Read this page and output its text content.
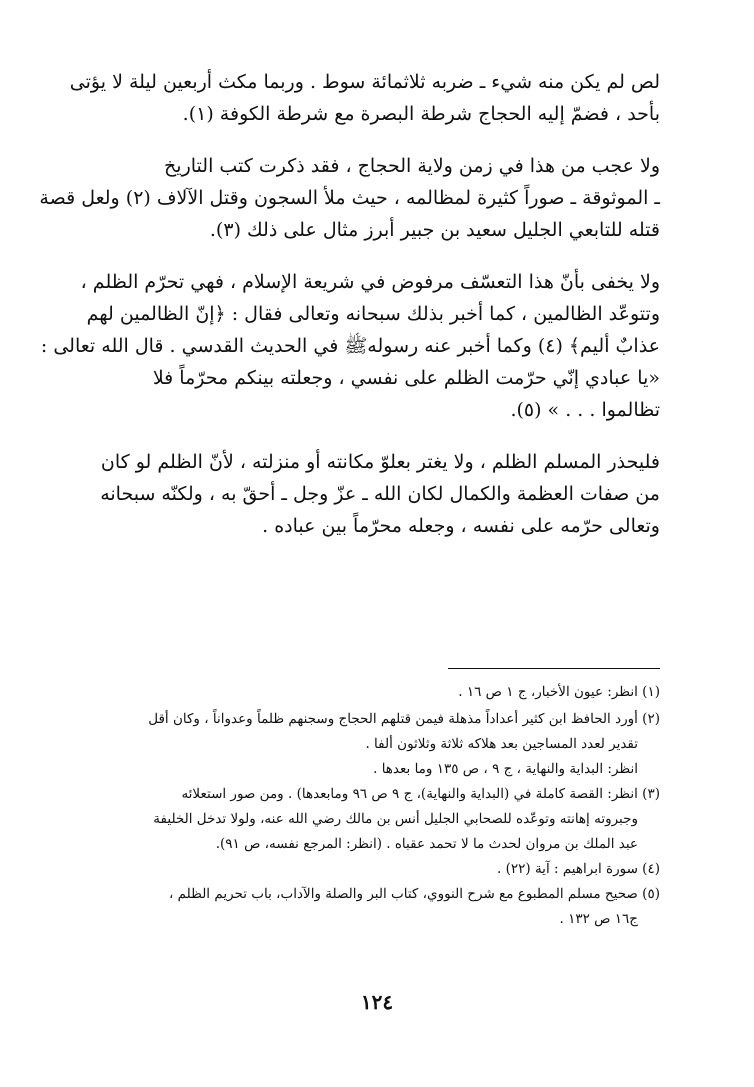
لص لم يكن منه شيء ـ ضربه ثلاثمائة سوط . وربما مكث أربعين ليلة لا يؤتى
بأحد ، فضمّ إليه الحجاج شرطة البصرة مع شرطة الكوفة (١).

ولا عجب من هذا في زمن ولاية الحجاج ، فقد ذكرت كتب التاريخ
ـ الموثوقة ـ صوراً كثيرة لمظالمه ، حيث ملأ السجون وقتل الآلاف (٢) ولعل قصة
قتله للتابعي الجليل سعيد بن جبير أبرز مثال على ذلك (٣).

ولا يخفى بأنّ هذا التعسّف مرفوض في شريعة الإسلام ، فهي تحرّم الظلم ،
وتتوعّد الظالمين ، كما أخبر بذلك سبحانه وتعالى فقال : ﴿إنّ الظالمين لهم
عذابٌ أليم﴾ (٤) وكما أخبر عنه رسولهﷺ في الحديث القدسي . قال الله تعالى :
«يا عبادي إنّي حرّمت الظلم على نفسي ، وجعلته بينكم محرّماً فلا
تظالموا . . . » (٥).

فليحذر المسلم الظلم ، ولا يغتر بعلوّ مكانته أو منزلته ، لأنّ الظلم لو كان
من صفات العظمة والكمال لكان الله ـ عزّ وجل ـ أحقّ به ، ولكنّه سبحانه
وتعالى حرّمه على نفسه ، وجعله محرّماً بين عباده .

(١) انظر: عيون الأخبار، ج ١ ص ١٦ .
(٢) أورد الحافظ ابن كثير أعداداً مذهلة فيمن قتلهم الحجاج وسجنهم ظلماً وعدواناً ، وكان أقل
تقدير لعدد المساجين بعد هلاكه ثلاثة وثلاثون ألفا .
انظر: البداية والنهاية ، ج ٩ ، ص ١٣٥ وما بعدها .
(٣) انظر: القصة كاملة في (البداية والنهاية)، ج ٩ ص ٩٦ ومابعدها) . ومن صور استعلائه
وجبروته إهانته وتوعّده للصحابي الجليل أنس بن مالك رضي الله عنه، ولولا تدخل الخليفة
عبد الملك بن مروان لحدث ما لا تحمد عقباه . (انظر: المرجع نفسه، ص ٩١).
(٤) سورة ابراهيم : آية (٢٢) .
(٥) صحيح مسلم المطبوع مع شرح النووي، كتاب البر والصلة والآداب، باب تحريم الظلم ،
ج١٦ ص ١٣٢ .
١٢٤
